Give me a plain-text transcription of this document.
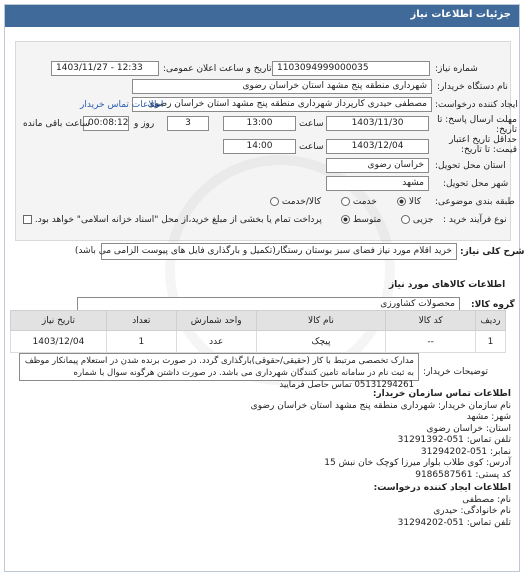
جزئیات اطلاعات نیاز
شماره نیاز:
1103094999000035
تاریخ و ساعت اعلان عمومی:
1403/11/27 - 12:33
نام دستگاه خریدار:
شهرداری منطقه پنج مشهد استان خراسان رضوی
ایجاد کننده درخواست:
مصطفی حیدری کارپرداز شهرداری منطقه پنج مشهد استان خراسان رضوی
اطلاعات تماس خریدار
مهلت ارسال پاسخ: تا تاریخ:
1403/11/30
ساعت
13:00
3
روز و
00:08:12
ساعت باقی مانده
حداقل تاریخ اعتبار قیمت: تا تاریخ:
1403/12/04
ساعت
14:00
استان محل تحویل:
خراسان رضوی
شهر محل تحویل:
مشهد
طبقه بندی موضوعی:
کالا
خدمت
کالا/خدمت
نوع فرآیند خرید :
جزیی
متوسط
پرداخت تمام یا بخشی از مبلغ خرید،از محل "اسناد خزانه اسلامی" خواهد بود.
شرح کلی نیاز:
خرید اقلام مورد نیاز فضای سبز بوستان رستگار(تکمیل و بارگذاری فایل های پیوست الزامی می باشد)
اطلاعات کالاهای مورد نیاز
گروه کالا:
محصولات کشاورزی
توضیحات خریدار:
مدارک تخصصی مرتبط با کار (حقیقی/حقوقی)بارگذاری گردد. در صورت برنده شدن در استعلام پیمانکار موظف به ثبت نام در سامانه تامین کنندگان شهرداری می باشد. در صورت داشتن هرگونه سوال با شماره 05131294261 تماس حاصل فرمایید
اطلاعات تماس سازمان خریدار:
نام سازمان خریدار: شهرداری منطقه پنج مشهد استان خراسان رضوی
شهر: مشهد
استان: خراسان رضوی
تلفن تماس: 051-31291392
نمابر: 051-31294202
آدرس: کوی طلاب بلوار میرزا کوچک خان نبش 15
کد پستی: 9186587561
اطلاعات ایجاد کننده درخواست:
نام: مصطفی
نام خانوادگی: حیدری
تلفن تماس: 051-31294202
ردیف	کد کالا	نام کالا	واحد شمارش	تعداد	تاریخ نیاز
1	--	پیچک	عدد	1	1403/12/04
